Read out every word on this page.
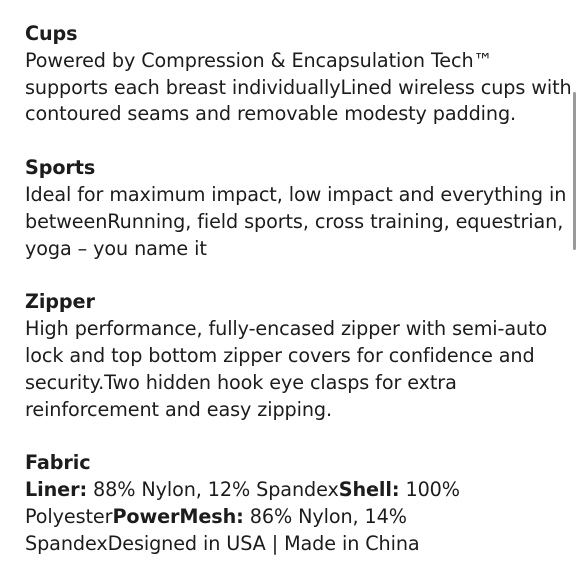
Cups
Powered by Compression & Encapsulation Tech™ supports each breast individuallyLined wireless cups with contoured seams and removable modesty padding.
Sports
Ideal for maximum impact, low impact and everything in betweenRunning, field sports, cross training, equestrian, yoga – you name it
Zipper
High performance, fully-encased zipper with semi-auto lock and top bottom zipper covers for confidence and security.Two hidden hook eye clasps for extra reinforcement and easy zipping.
Fabric
Liner: 88% Nylon, 12% SpandexShell: 100% PolyesterPowerMesh: 86% Nylon, 14% SpandexDesigned in USA | Made in China
